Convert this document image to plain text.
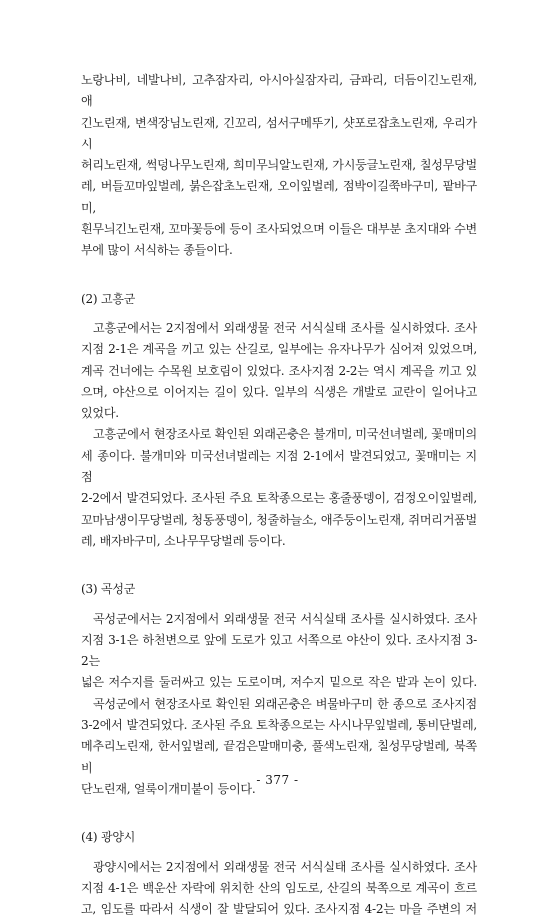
노랑나비, 네발나비, 고추잠자리, 아시아실잠자리, 금파리, 더듬이긴노린재, 애
긴노린재, 변색장님노린재, 긴꼬리, 섬서구메뚜기, 샷포로잡초노린재, 우리가시
허리노린재, 썩덩나무노린재, 희미무늬알노린재, 가시둥글노린재, 칠성무당벌
레, 버들꼬마잎벌레, 붉은잡초노린재, 오이잎벌레, 점박이길쭉바구미, 팥바구미,
흰무늬긴노린재, 꼬마꽃등에 등이 조사되었으며 이들은 대부분 초지대와 수변
부에 많이 서식하는 종들이다.

(2) 고흥군

고흥군에서는 2지점에서 외래생물 전국 서식실태 조사를 실시하였다. 조사
지점 2-1은 계곡을 끼고 있는 산길로, 일부에는 유자나무가 심어져 있었으며,
계곡 건너에는 수목원 보호림이 있었다. 조사지점 2-2는 역시 계곡을 끼고 있
으며, 야산으로 이어지는 길이 있다. 일부의 식생은 개발로 교란이 일어나고
있었다.
고흥군에서 현장조사로 확인된 외래곤충은 불개미, 미국선녀벌레, 꽃매미의
세 종이다. 불개미와 미국선녀벌레는 지점 2-1에서 발견되었고, 꽃매미는 지점
2-2에서 발견되었다. 조사된 주요 토착종으로는 홍줄풍뎅이, 검정오이잎벌레,
꼬마남생이무당벌레, 청동풍뎅이, 청줄하늘소, 애주둥이노린재, 쥐머리거품벌
레, 배자바구미, 소나무무당벌레 등이다.

(3) 곡성군

곡성군에서는 2지점에서 외래생물 전국 서식실태 조사를 실시하였다. 조사
지점 3-1은 하천변으로 앞에 도로가 있고 서쪽으로 야산이 있다. 조사지점 3-2는
넓은 저수지를 둘러싸고 있는 도로이며, 저수지 밑으로 작은 밭과 논이 있다.
곡성군에서 현장조사로 확인된 외래곤충은 벼물바구미 한 종으로 조사지점
3-2에서 발견되었다. 조사된 주요 토착종으로는 사시나무잎벌레, 통비단벌레,
메추리노린재, 한서잎벌레, 끝검은말매미충, 풀색노린재, 칠성무당벌레, 북쪽비
단노린재, 얼룩이개미붙이 등이다.

(4) 광양시

광양시에서는 2지점에서 외래생물 전국 서식실태 조사를 실시하였다. 조사
지점 4-1은 백운산 자락에 위치한 산의 임도로, 산길의 북쪽으로 계곡이 흐르
고, 임도를 따라서 식생이 잘 발달되어 있다. 조사지점 4-2는 마을 주변의 저
- 377 -
